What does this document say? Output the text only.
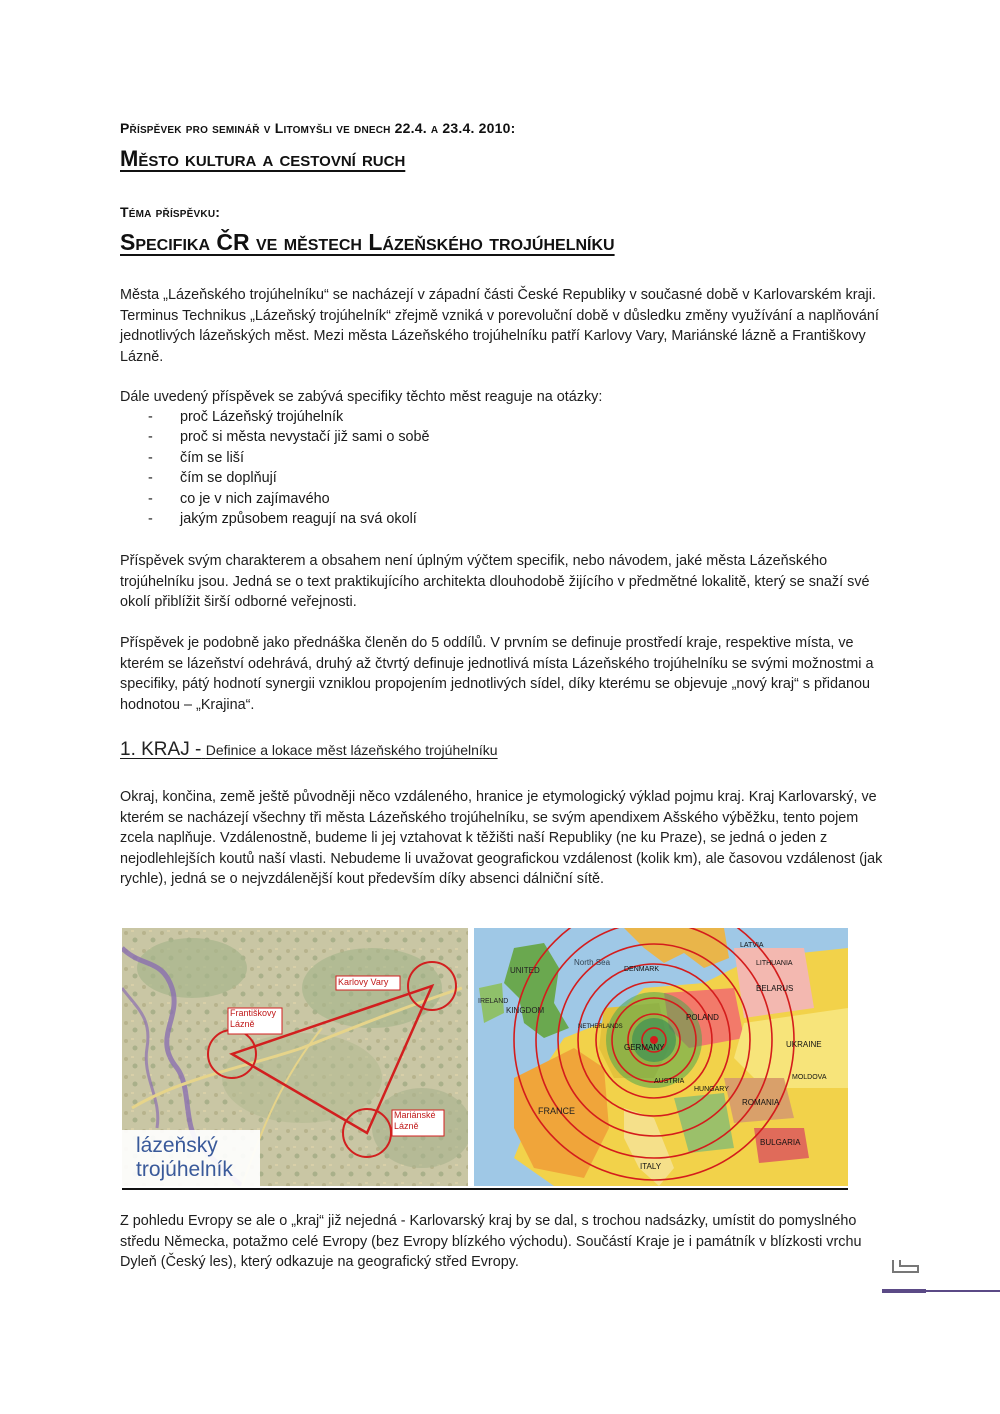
Příspěvek pro seminář v Litomyšli ve dnech 22.4. a 23.4. 2010:
Město kultura a cestovní ruch
Téma příspěvku:
Specifika ČR ve městech Lázeňského trojúhelníku
Města „Lázeňského trojúhelníku“ se nacházejí v západní části České Republiky v současné době v Karlovarském kraji. Terminus Technikus „Lázeňský trojúhelník“ zřejmě vzniká v porevoluční době v důsledku změny využívání a naplňování jednotlivých lázeňských měst. Mezi města Lázeňského trojúhelníku patří Karlovy Vary, Mariánské lázně a Františkovy Lázně.
Dále uvedený příspěvek se zabývá specifiky těchto měst reaguje na otázky:
- proč Lázeňský trojúhelník
- proč si města nevystačí již sami o sobě
- čím se liší
- čím se doplňují
- co je v nich zajímavého
- jakým způsobem reagují na svá okolí
Příspěvek svým charakterem a obsahem není úplným výčtem specifik, nebo návodem, jaké města Lázeňského trojúhelníku jsou. Jedná se o text praktikujícího architekta dlouhodobě žijícího v předmětné lokalitě, který se snaží své okolí přiblížit širší odborné veřejnosti.
Příspěvek je podobně jako přednáška členěn do 5 oddílů. V prvním se definuje prostředí kraje, respektive místa, ve kterém se lázeňství odehrává, druhý až čtvrtý definuje jednotlivá místa Lázeňského trojúhelníku se svými možnostmi a specifiky, pátý hodnotí synergii vzniklou propojením jednotlivých sídel, díky kterému se objevuje „nový kraj“ s přidanou hodnotou – „Krajina“.
1. KRAJ - Definice a lokace měst lázeňského trojúhelníku
Okraj, končina, země ještě původněji něco vzdáleného, hranice je etymologický výklad pojmu kraj. Kraj Karlovarský, ve kterém se nacházejí všechny tři města Lázeňského trojúhelníku, se svým apendixem Ašského výběžku, tento pojem zcela naplňuje. Vzdálenostně, budeme li jej vztahovat k těžišti naší Republiky (ne ku Praze), se jedná o jeden z nejodlehlejších koutů naší vlasti. Nebudeme li uvažovat geografickou vzdálenost (kolik km), ale časovou vzdálenost (jak rychle), jedná se o nejvzdálenější kout především díky absenci dálniční sítě.
Karlovy Vary
Františkovy
Lázně
Mariánské
Lázně
lázeňský
trojúhelník
UNITED
KINGDOM
IRELAND
North Sea
FRANCE
GERMANY
POLAND
BELARUS
UKRAINE
ROMANIA
BULGARIA
ITALY
LATVIA
LITHUANIA
DENMARK
NETHERLANDS
AUSTRIA
HUNGARY
MOLDOVA
Z pohledu Evropy se ale o „kraj“ již nejedná - Karlovarský kraj by se dal, s trochou nadsázky, umístit do pomyslného středu Německa, potažmo celé Evropy (bez Evropy blízkého východu). Součástí Kraje je i památník v blízkosti vrchu Dyleň (Český les), který odkazuje na geografický střed Evropy.
